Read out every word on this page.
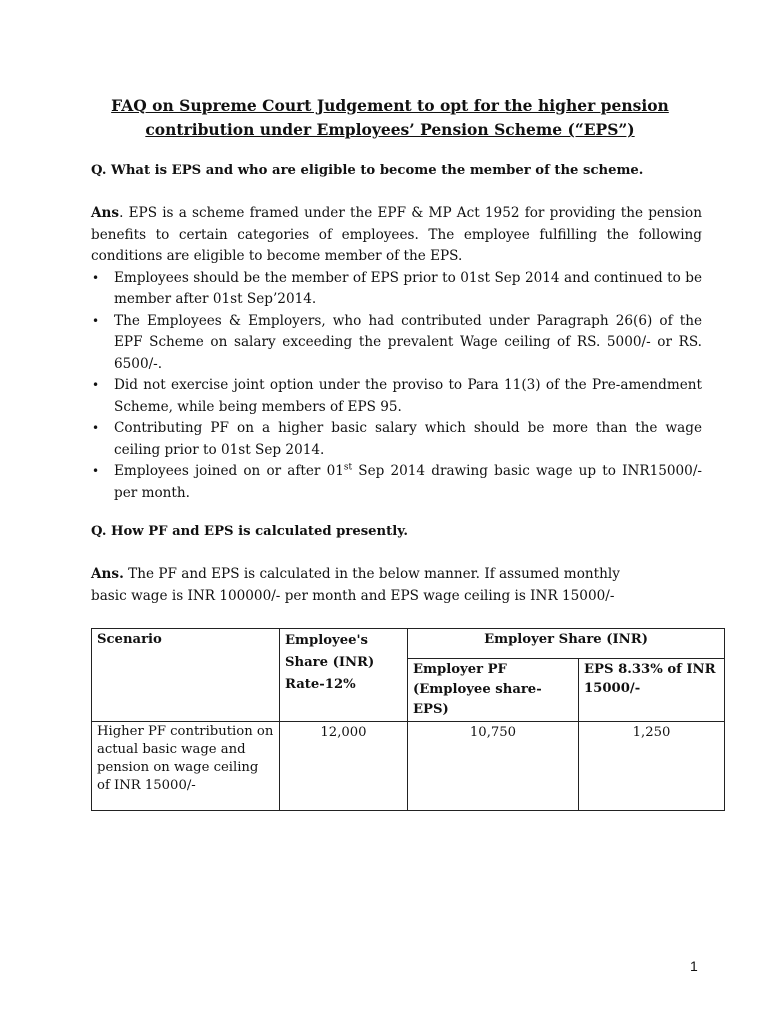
FAQ on Supreme Court Judgement to opt for the higher pension
contribution under Employees’ Pension Scheme (“EPS”)
Q. What is EPS and who are eligible to become the member of the scheme.
Ans. EPS is a scheme framed under the EPF & MP Act 1952 for providing the pension benefits to certain categories of employees. The employee fulfilling the following conditions are eligible to become member of the EPS.
• Employees should be the member of EPS prior to 01st Sep 2014 and continued to be member after 01st Sep’2014.
• The Employees & Employers, who had contributed under Paragraph 26(6) of the EPF Scheme on salary exceeding the prevalent Wage ceiling of RS. 5000/- or RS. 6500/-.
• Did not exercise joint option under the proviso to Para 11(3) of the Pre-amendment Scheme, while being members of EPS 95.
• Contributing PF on a higher basic salary which should be more than the wage ceiling prior to 01st Sep 2014.
• Employees joined on or after 01st Sep 2014 drawing basic wage up to INR15000/- per month.
Q. How PF and EPS is calculated presently.
Ans. The PF and EPS is calculated in the below manner. If assumed monthly
basic wage is INR 100000/- per month and EPS wage ceiling is INR 15000/-
Scenario	Employee's Share (INR) Rate-12%	Employer Share (INR)	
		Employer PF (Employee share-EPS)	EPS 8.33% of INR 15000/-
Higher PF contribution on actual basic wage and pension on wage ceiling of INR 15000/-	12,000	10,750	1,250
1
